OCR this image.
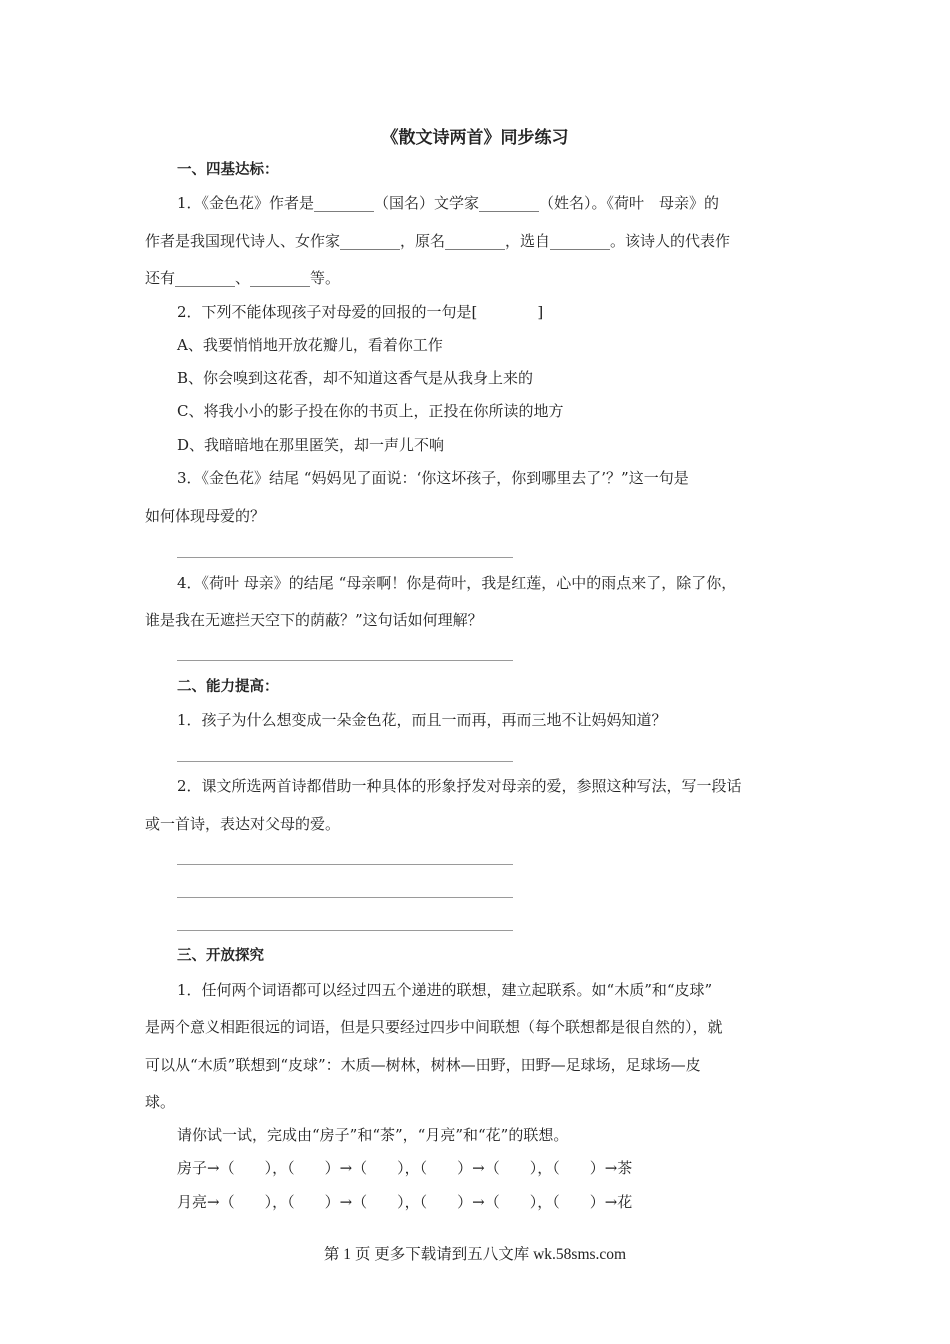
《散文诗两首》同步练习
一、四基达标：
1．《金色花》作者是________（国名）文学家________（姓名）。《荷叶　母亲》的
作者是我国现代诗人、女作家________，原名________，选自________。该诗人的代表作
还有________、________等。
2．下列不能体现孩子对母爱的回报的一句是[　　　　]
A、我要悄悄地开放花瓣儿，看着你工作
B、你会嗅到这花香，却不知道这香气是从我身上来的
C、将我小小的影子投在你的书页上，正投在你所读的地方
D、我暗暗地在那里匿笑，却一声儿不响
3．《金色花》结尾 “妈妈见了面说：‘你这坏孩子，你到哪里去了’？”这一句是
如何体现母爱的？
4．《荷叶 母亲》的结尾 “母亲啊！你是荷叶，我是红莲，心中的雨点来了，除了你，
谁是我在无遮拦天空下的荫蔽？”这句话如何理解？
二、能力提高：
1．孩子为什么想变成一朵金色花，而且一而再，再而三地不让妈妈知道？
2．课文所选两首诗都借助一种具体的形象抒发对母亲的爱，参照这种写法，写一段话
或一首诗，表达对父母的爱。
三、开放探究
1．任何两个词语都可以经过四五个递进的联想，建立起联系。如“木质”和“皮球”
是两个意义相距很远的词语，但是只要经过四步中间联想（每个联想都是很自然的），就
可以从“木质”联想到“皮球”：木质—树林，树林—田野，田野—足球场，足球场—皮
球。
请你试一试，完成由“房子”和“茶”，“月亮”和“花”的联想。
房子→（　　），（　　）→（　　），（　　）→（　　），（　　）→茶
月亮→（　　），（　　）→（　　），（　　）→（　　），（　　）→花
第 1 页 更多下载请到五八文库 wk.58sms.com
